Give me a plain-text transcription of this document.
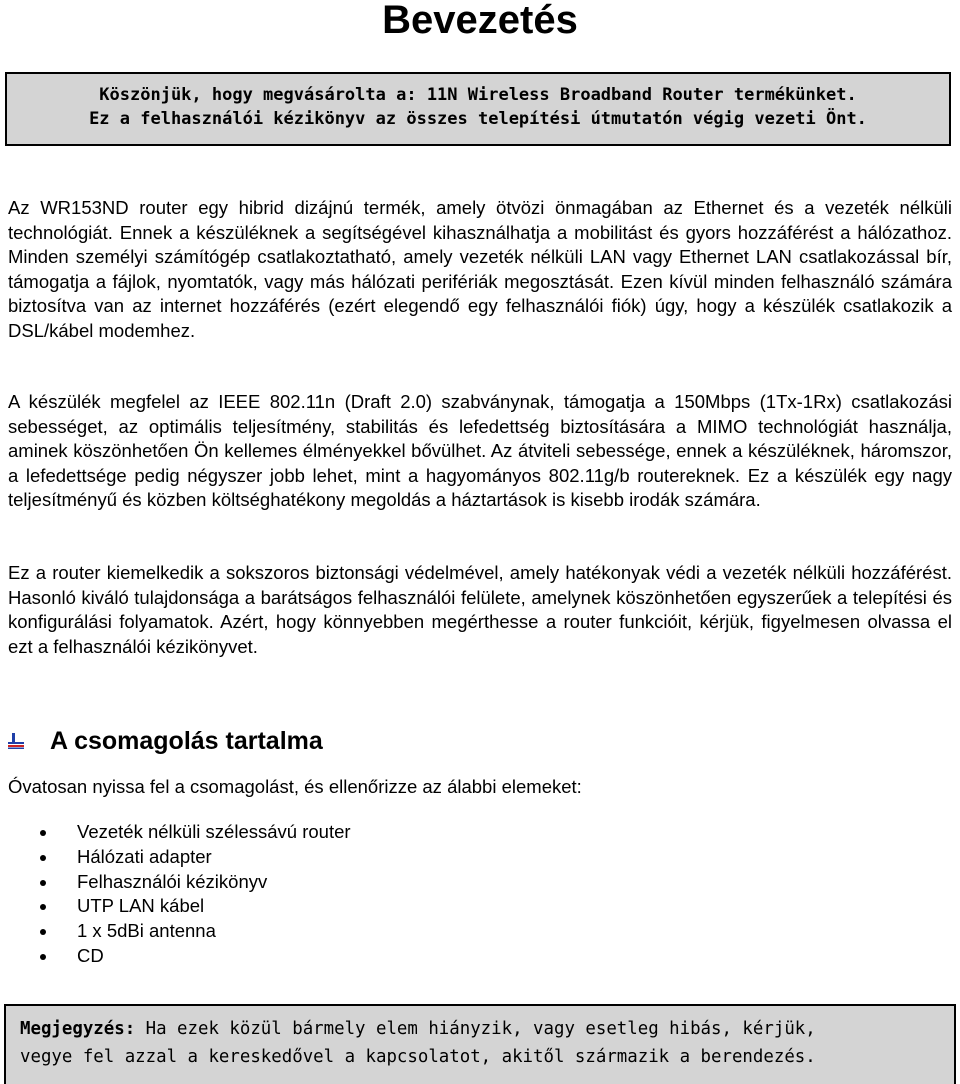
Bevezetés
Köszönjük, hogy megvásárolta a: 11N Wireless Broadband Router termékünket.
Ez a felhasználói kézikönyv az összes telepítési útmutatón végig vezeti Önt.

Az WR153ND router egy hibrid dizájnú termék, amely ötvözi önmagában az Ethernet és a vezeték nélküli technológiát. Ennek a készüléknek a segítségével kihasználhatja a mobilitást és gyors hozzáférést a hálózathoz. Minden személyi számítógép csatlakoztatható, amely vezeték nélküli LAN vagy Ethernet LAN csatlakozással bír, támogatja a fájlok, nyomtatók, vagy más hálózati perifériák megosztását. Ezen kívül minden felhasználó számára biztosítva van az internet hozzáférés (ezért elegendő egy felhasználói fiók) úgy, hogy a készülék csatlakozik a DSL/kábel modemhez.

A készülék megfelel az IEEE 802.11n (Draft 2.0) szabványnak, támogatja a 150Mbps (1Tx-1Rx) csatlakozási sebességet, az optimális teljesítmény, stabilitás és lefedettség biztosítására a MIMO technológiát használja, aminek köszönhetően Ön kellemes élményekkel bővülhet. Az átviteli sebessége, ennek a készüléknek, háromszor, a lefedettsége pedig négyszer jobb lehet, mint a hagyományos 802.11g/b routereknek. Ez a készülék egy nagy teljesítményű és közben költséghatékony megoldás a háztartások is kisebb irodák számára.

Ez a router kiemelkedik a sokszoros biztonsági védelmével, amely hatékonyak védi a vezeték nélküli hozzáférést. Hasonló kiváló tulajdonsága a barátságos felhasználói felülete, amelynek köszönhetően egyszerűek a telepítési és konfigurálási folyamatok. Azért, hogy könnyebben megérthesse a router funkcióit, kérjük, figyelmesen olvassa el ezt a felhasználói kézikönyvet.

A csomagolás tartalma

Óvatosan nyissa fel a csomagolást, és ellenőrizze az álabbi elemeket:

Vezeték nélküli szélessávú router
Hálózati adapter
Felhasználói kézikönyv
UTP LAN kábel
1 x 5dBi antenna
CD
Megjegyzés: Ha ezek közül bármely elem hiányzik, vagy esetleg hibás, kérjük,
vegye fel azzal a kereskedővel a kapcsolatot, akitől származik a berendezés.
